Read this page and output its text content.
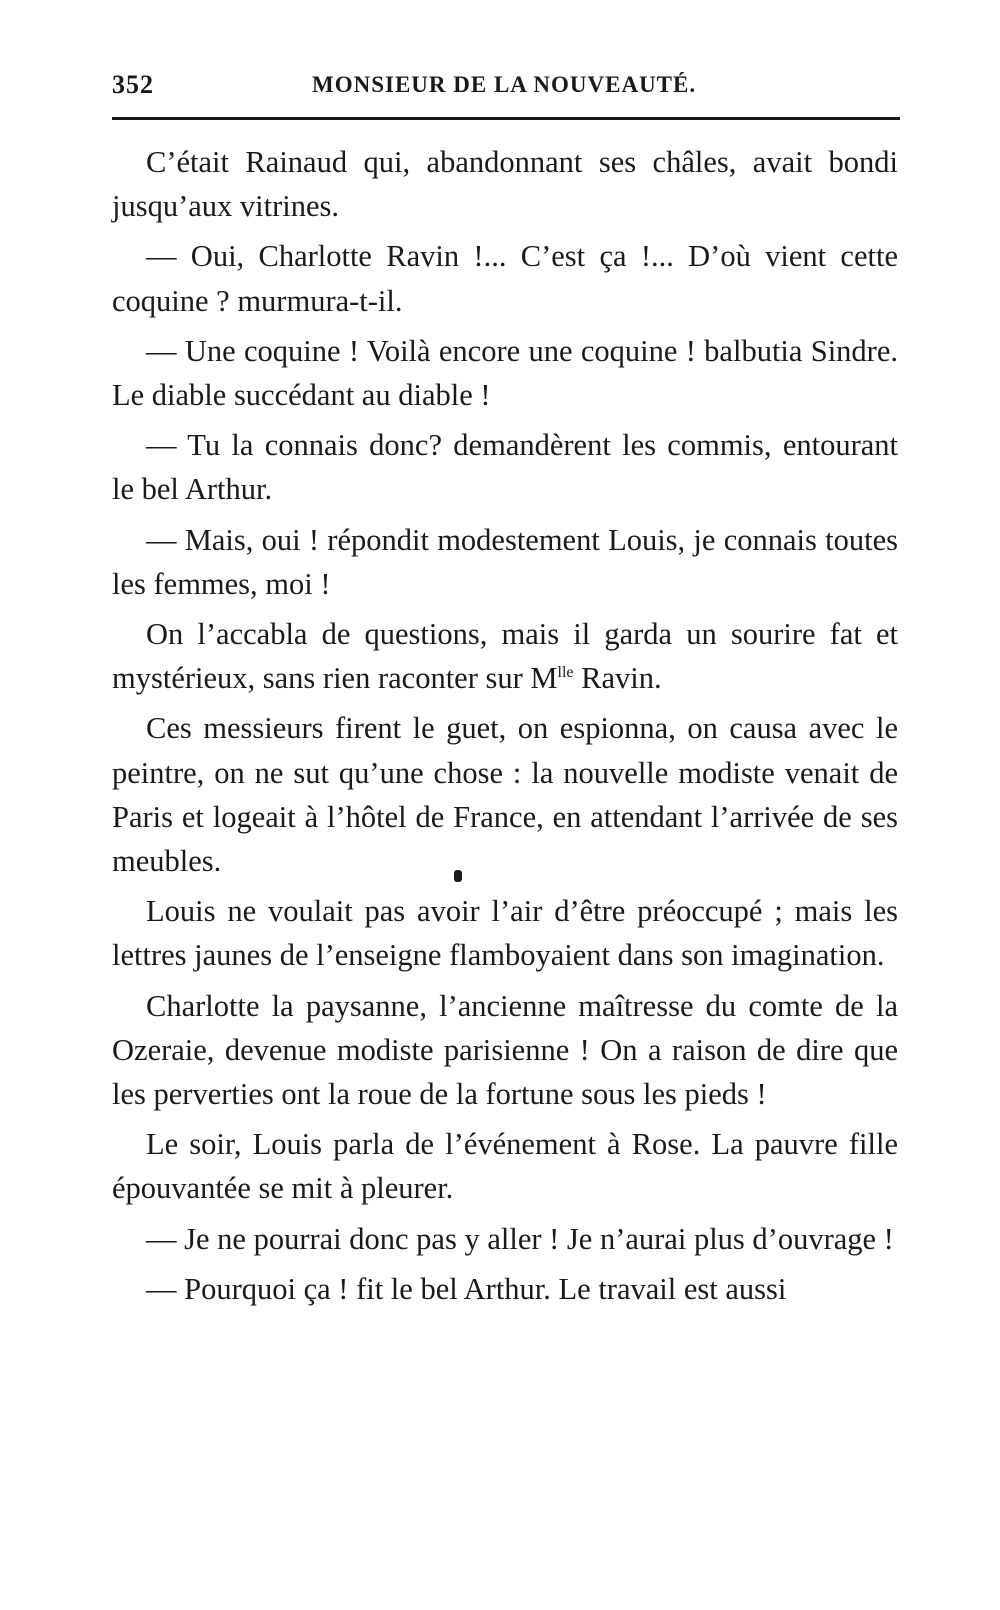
352	MONSIEUR DE LA NOUVEAUTÉ.

C’était Rainaud qui, abandonnant ses châles, avait bondi jusqu’aux vitrines.

— Oui, Charlotte Ravin !... C’est ça !... D’où vient cette coquine ? murmura-t-il.

— Une coquine ! Voilà encore une coquine ! balbutia Sindre. Le diable succédant au diable !

— Tu la connais donc? demandèrent les commis, entourant le bel Arthur.

— Mais, oui ! répondit modestement Louis, je connais toutes les femmes, moi !

On l’accabla de questions, mais il garda un sourire fat et mystérieux, sans rien raconter sur $M^{lle}$ Ravin.

Ces messieurs firent le guet, on espionna, on causa avec le peintre, on ne sut qu’une chose : la nouvelle modiste venait de Paris et logeait à l’hôtel de France, en attendant l’arrivée de ses meubles.

Louis ne voulait pas avoir l’air d’être préoccupé ; mais les lettres jaunes de l’enseigne flamboyaient dans son imagination.

Charlotte la paysanne, l’ancienne maîtresse du comte de la Ozeraie, devenue modiste parisienne ! On a raison de dire que les perverties ont la roue de la fortune sous les pieds !

Le soir, Louis parla de l’événement à Rose. La pauvre fille épouvantée se mit à pleurer.

— Je ne pourrai donc pas y aller ! Je n’aurai plus d’ouvrage !

— Pourquoi ça ! fit le bel Arthur. Le travail est aussi
